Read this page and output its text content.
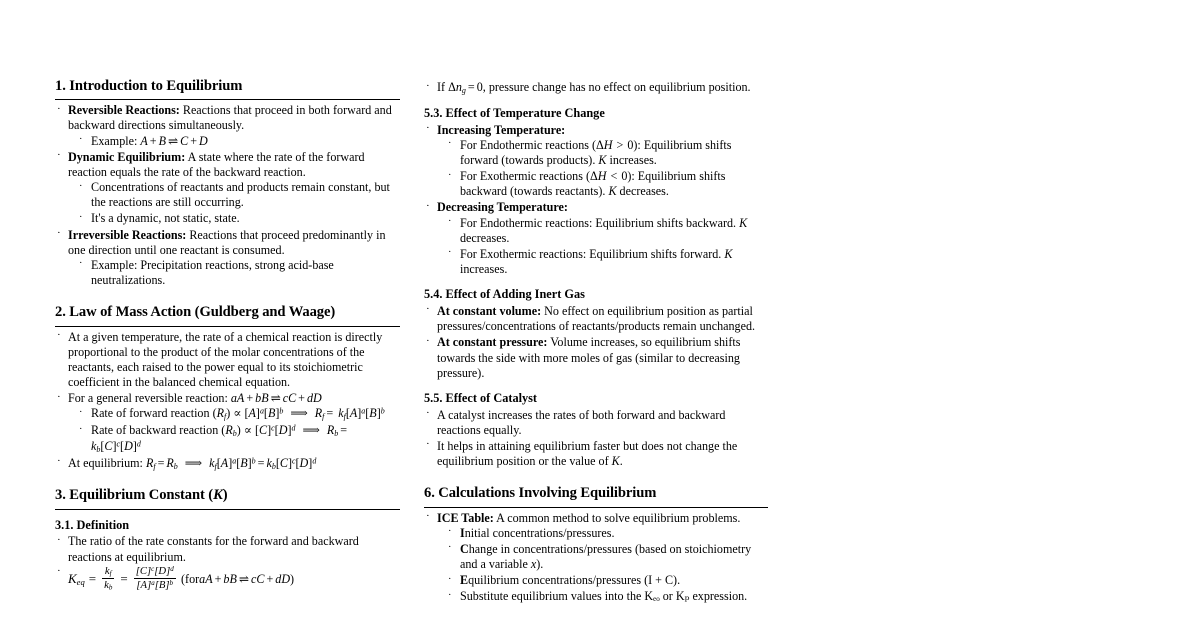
1. Introduction to Equilibrium
· Reversible Reactions: Reactions that proceed in both forward and backward directions simultaneously.
· Example: A + B ⇌ C + D
· Dynamic Equilibrium: A state where the rate of the forward reaction equals the rate of the backward reaction.
· Concentrations of reactants and products remain constant, but the reactions are still occurring.
· It's a dynamic, not static, state.
· Irreversible Reactions: Reactions that proceed predominantly in one direction until one reactant is consumed.
· Example: Precipitation reactions, strong acid-base neutralizations.
2. Law of Mass Action (Guldberg and Waage)
· At a given temperature, the rate of a chemical reaction is directly proportional to the product of the molar concentrations of the reactants, each raised to the power equal to its stoichiometric coefficient in the balanced chemical equation.
· For a general reversible reaction: aA + bB ⇌ cC + dD
· Rate of forward reaction $(R_f) \propto [A]^a[B]^b$ ⟹ $R_f = k_f[A]^a[B]^b$
· Rate of backward reaction $(R_b) \propto [C]^c[D]^d$ ⟹ $R_b = k_b[C]^c[D]^d$
· At equilibrium: $R_f = R_b$ ⟹ $k_f[A]^a[B]^b = k_b[C]^c[D]^d$
3. Equilibrium Constant (K)
3.1. Definition
· The ratio of the rate constants for the forward and backward reactions at equilibrium.
· $K_{eq} = \frac{k_f}{k_b} = \frac{[C]^c[D]^d}{[A]^a[B]^b}$ (foraA + bB ⇌ cC + dD)
· If $\Delta n_g = 0$, pressure change has no effect on equilibrium position.
5.3. Effect of Temperature Change
· Increasing Temperature:
· For Endothermic reactions (ΔH > 0): Equilibrium shifts forward (towards products). K increases.
· For Exothermic reactions (ΔH < 0): Equilibrium shifts backward (towards reactants). K decreases.
· Decreasing Temperature:
· For Endothermic reactions: Equilibrium shifts backward. K decreases.
· For Exothermic reactions: Equilibrium shifts forward. K increases.
5.4. Effect of Adding Inert Gas
· At constant volume: No effect on equilibrium position as partial pressures/concentrations of reactants/products remain unchanged.
· At constant pressure: Volume increases, so equilibrium shifts towards the side with more moles of gas (similar to decreasing pressure).
5.5. Effect of Catalyst
· A catalyst increases the rates of both forward and backward reactions equally.
· It helps in attaining equilibrium faster but does not change the equilibrium position or the value of K.
6. Calculations Involving Equilibrium
· ICE Table: A common method to solve equilibrium problems.
· Initial concentrations/pressures.
· Change in concentrations/pressures (based on stoichiometry and a variable x).
· Equilibrium concentrations/pressures (I + C).
· Substitute equilibrium values into the Kₑₒ or Kₚ expression.
